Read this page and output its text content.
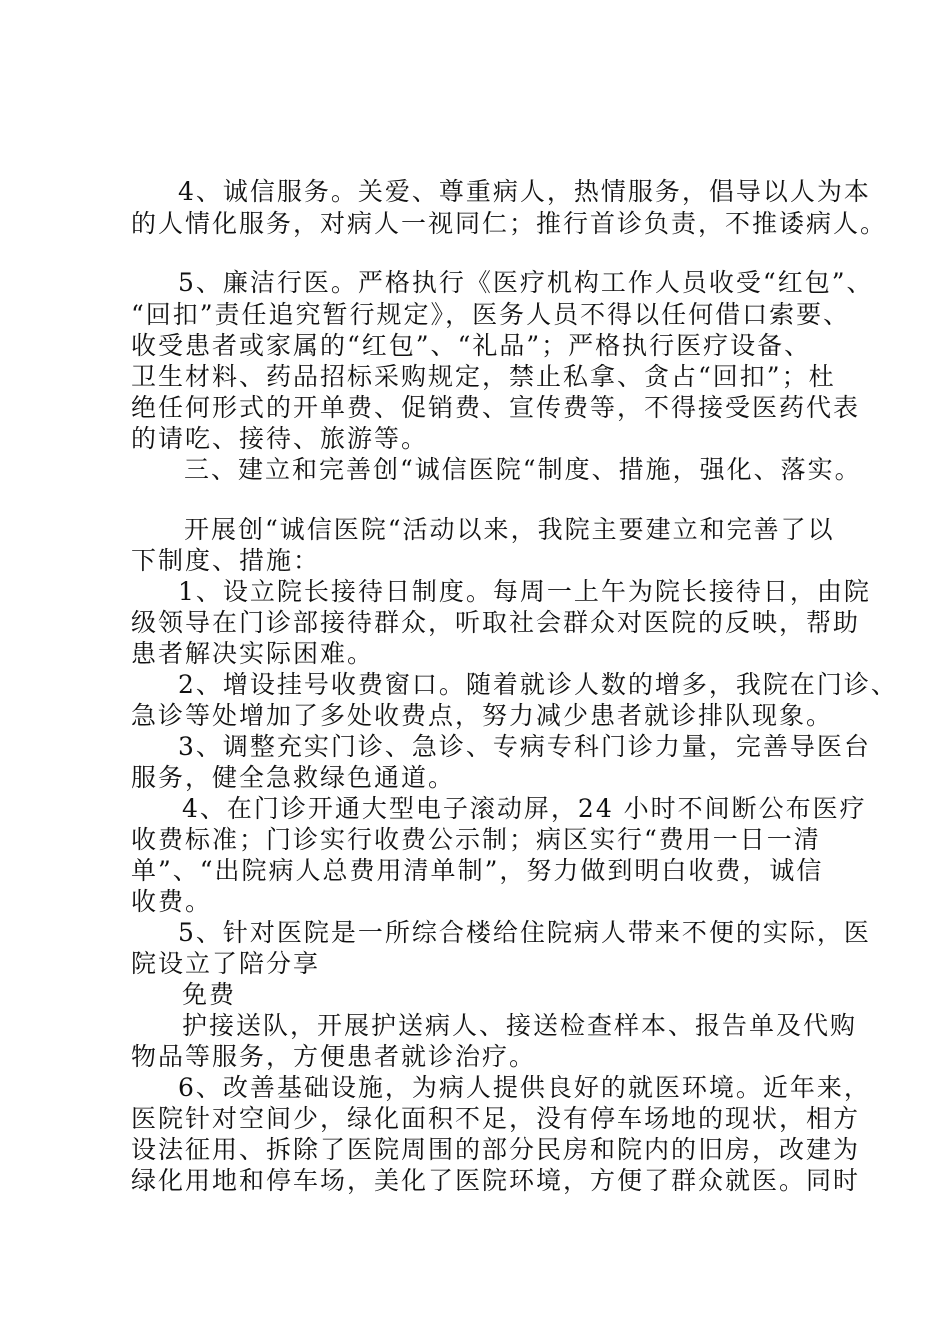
4、诚信服务。关爱、尊重病人，热情服务，倡导以人为本
的人情化服务，对病人一视同仁；推行首诊负责，不推诿病人。
5、廉洁行医。严格执行《医疗机构工作人员收受“红包”、
“回扣”责任追究暂行规定》，医务人员不得以任何借口索要、
收受患者或家属的“红包”、“礼品”；严格执行医疗设备、
卫生材料、药品招标采购规定，禁止私拿、贪占“回扣”；杜
绝任何形式的开单费、促销费、宣传费等，不得接受医药代表
的请吃、接待、旅游等。
三、建立和完善创“诚信医院“制度、措施，强化、落实。
开展创“诚信医院“活动以来，我院主要建立和完善了以
下制度、措施：
1、设立院长接待日制度。每周一上午为院长接待日，由院
级领导在门诊部接待群众，听取社会群众对医院的反映，帮助
患者解决实际困难。
2、增设挂号收费窗口。随着就诊人数的增多，我院在门诊、
急诊等处增加了多处收费点，努力减少患者就诊排队现象。
3、调整充实门诊、急诊、专病专科门诊力量，完善导医台
服务，健全急救绿色通道。
4、在门诊开通大型电子滚动屏，24 小时不间断公布医疗
收费标准；门诊实行收费公示制；病区实行“费用一日一清
单”、“出院病人总费用清单制”，努力做到明白收费，诚信
收费。
5、针对医院是一所综合楼给住院病人带来不便的实际，医
院设立了陪分享
免费
护接送队，开展护送病人、接送检查样本、报告单及代购
物品等服务，方便患者就诊治疗。
6、改善基础设施，为病人提供良好的就医环境。近年来，
医院针对空间少，绿化面积不足，没有停车场地的现状，相方
设法征用、拆除了医院周围的部分民房和院内的旧房，改建为
绿化用地和停车场，美化了医院环境，方便了群众就医。同时
